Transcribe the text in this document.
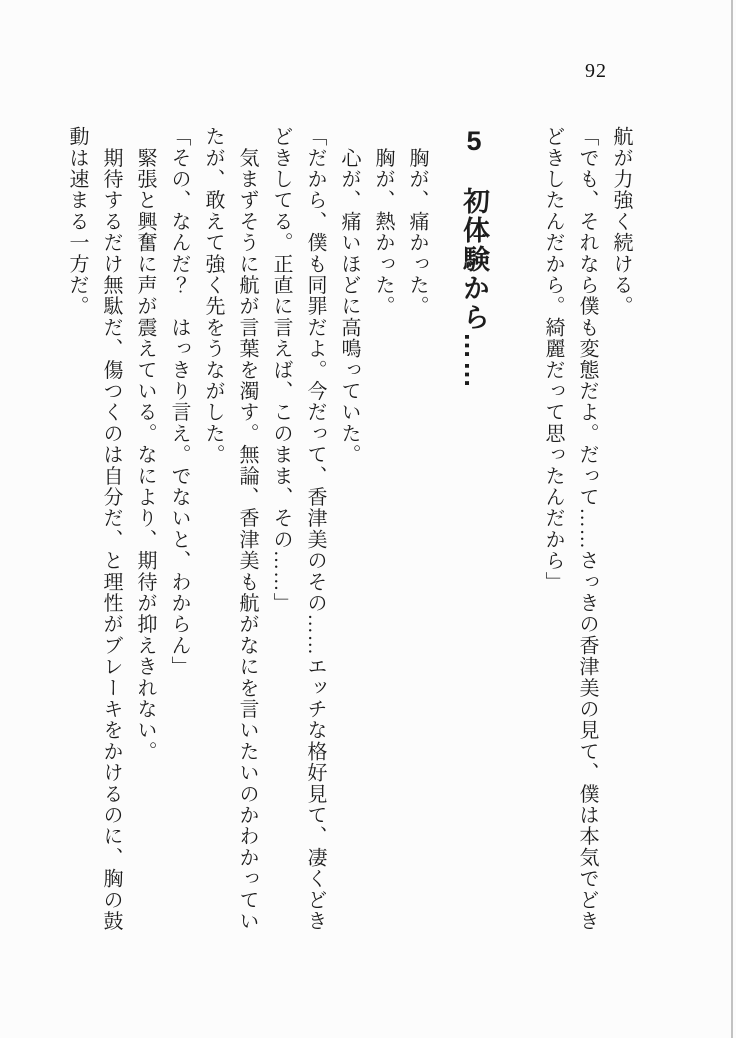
92

航が力強く続ける。

「でも、それなら僕も変態だよ。だって……さっきの香津美の見て、僕は本気でどき

どきしたんだから。綺麗だって思ったんだから」

5　初体験から……

　胸が、痛かった。

　胸が、熱かった。

　心が、痛いほどに高鳴っていた。

「だから、僕も同罪だよ。今だって、香津美のその……エッチな格好見て、凄くどき

どきしてる。正直に言えば、このまま、その……」

　気まずそうに航が言葉を濁す。無論、香津美も航がなにを言いたいのかわかってい

たが、敢えて強く先をうながした。

「その、なんだ？　はっきり言え。でないと、わからん」

　緊張と興奮に声が震えている。なにより、期待が抑えきれない。

　期待するだけ無駄だ、傷つくのは自分だ、と理性がブレーキをかけるのに、胸の鼓

動は速まる一方だ。
